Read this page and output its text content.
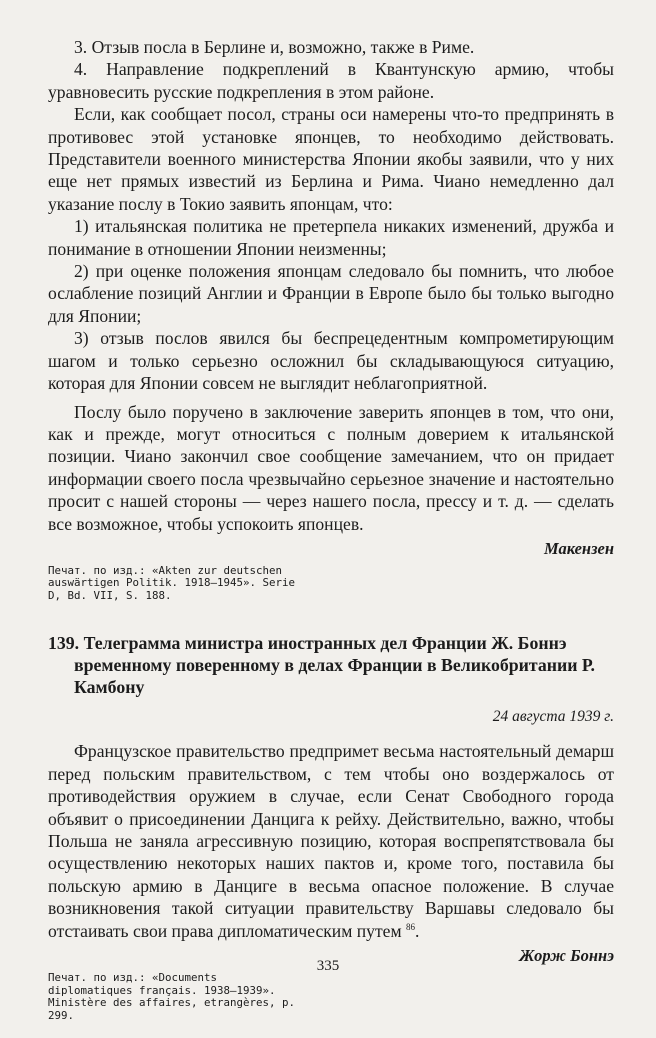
3. Отзыв посла в Берлине и, возможно, также в Риме.

4. Направление подкреплений в Квантунскую армию, чтобы уравновесить русские подкрепления в этом районе.

Если, как сообщает посол, страны оси намерены что-то предпринять в противовес этой установке японцев, то необходимо действовать. Представители военного министерства Японии якобы заявили, что у них еще нет прямых известий из Берлина и Рима. Чиано немедленно дал указание послу в Токио заявить японцам, что:

1) итальянская политика не претерпела никаких изменений, дружба и понимание в отношении Японии неизменны;

2) при оценке положения японцам следовало бы помнить, что любое ослабление позиций Англии и Франции в Европе было бы только выгодно для Японии;

3) отзыв послов явился бы беспрецедентным компрометирующим шагом и только серьезно осложнил бы складывающуюся ситуацию, которая для Японии совсем не выглядит неблагоприятной.

Послу было поручено в заключение заверить японцев в том, что они, как и прежде, могут относиться с полным доверием к итальянской позиции. Чиано закончил свое сообщение замечанием, что он придает информации своего посла чрезвычайно серьезное значение и настоятельно просит с нашей стороны — через нашего посла, прессу и т. д. — сделать все возможное, чтобы успокоить японцев.

Макензен

Печат. по изд.: «Akten zur deutschen auswärtigen Politik. 1918—1945». Serie D, Bd. VII, S. 188.

139. Телеграмма министра иностранных дел Франции Ж. Боннэ временному поверенному в делах Франции в Великобритании Р. Камбону
24 августа 1939 г.

Французское правительство предпримет весьма настоятельный демарш перед польским правительством, с тем чтобы оно воздержалось от противодействия оружием в случае, если Сенат Свободного города объявит о присоединении Данцига к рейху. Действительно, важно, чтобы Польша не заняла агрессивную позицию, которая воспрепятствовала бы осуществлению некоторых наших пактов и, кроме того, поставила бы польскую армию в Данциге в весьма опасное положение. В случае возникновения такой ситуации правительству Варшавы следовало бы отстаивать свои права дипломатическим путем $^{86}$.

Жорж Боннэ

Печат. по изд.: «Documents diplomatiques français. 1938—1939». Ministère des affaires, etrangères, p. 299.

335
